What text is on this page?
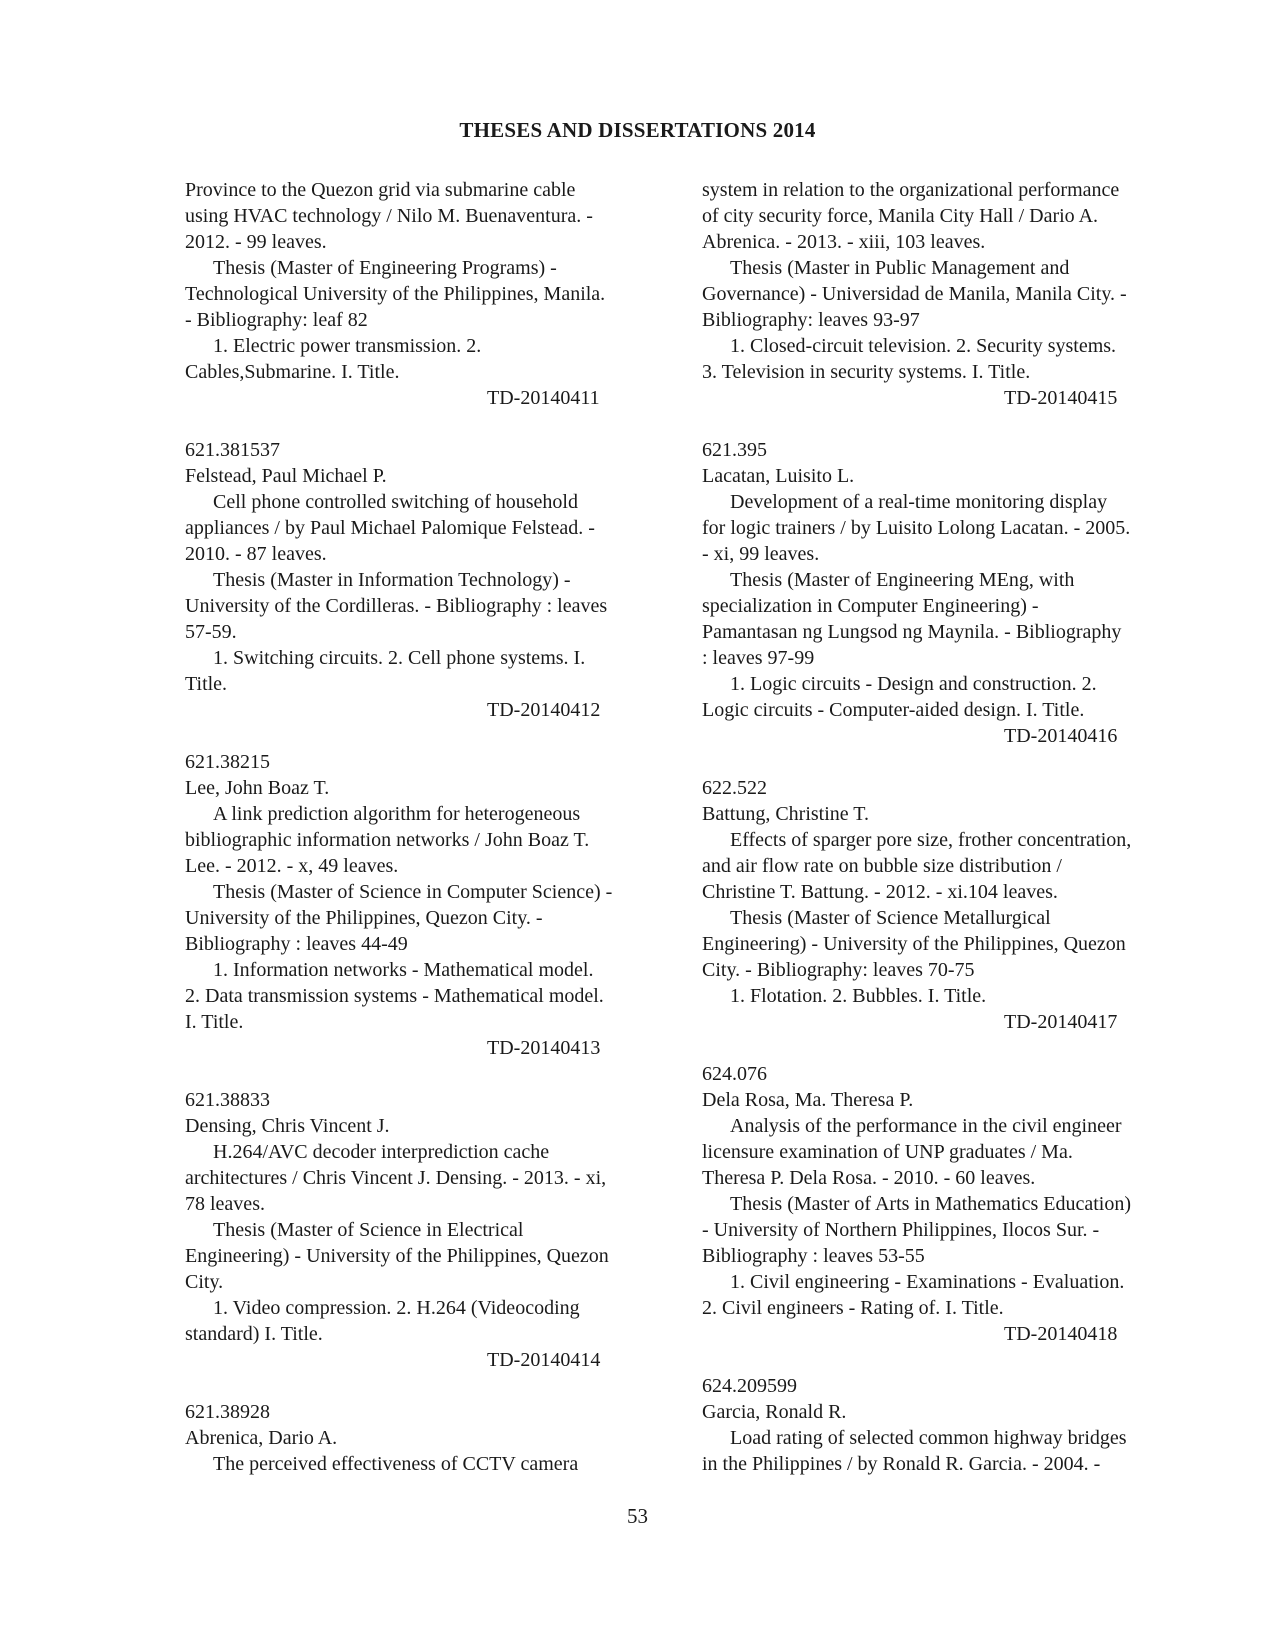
THESES AND DISSERTATIONS 2014
Province to the Quezon grid via submarine cable
using HVAC technology / Nilo M. Buenaventura. -
2012. - 99 leaves.
Thesis (Master of Engineering Programs) -
Technological University of the Philippines, Manila.
- Bibliography: leaf 82
1. Electric power transmission. 2.
Cables,Submarine. I. Title.
TD-20140411
621.381537
Felstead, Paul Michael P.
Cell phone controlled switching of household
appliances / by Paul Michael Palomique Felstead. -
2010. - 87 leaves.
Thesis (Master in Information Technology) -
University of the Cordilleras. - Bibliography : leaves
57-59.
1. Switching circuits. 2. Cell phone systems. I.
Title.
TD-20140412
621.38215
Lee, John Boaz T.
A link prediction algorithm for heterogeneous
bibliographic information networks / John Boaz T.
Lee. - 2012. - x, 49 leaves.
Thesis (Master of Science in Computer Science) -
University of the Philippines, Quezon City. -
Bibliography : leaves 44-49
1. Information networks - Mathematical model.
2. Data transmission systems - Mathematical model.
I. Title.
TD-20140413
621.38833
Densing, Chris Vincent J.
H.264/AVC decoder interprediction cache
architectures / Chris Vincent J. Densing. - 2013. - xi,
78 leaves.
Thesis (Master of Science in Electrical
Engineering) - University of the Philippines, Quezon
City.
1. Video compression. 2. H.264 (Videocoding
standard) I. Title.
TD-20140414
621.38928
Abrenica, Dario A.
The perceived effectiveness of CCTV camera
system in relation to the organizational performance
of city security force, Manila City Hall / Dario A.
Abrenica. - 2013. - xiii, 103 leaves.
Thesis (Master in Public Management and
Governance) - Universidad de Manila, Manila City. -
Bibliography: leaves 93-97
1. Closed-circuit television. 2. Security systems.
3. Television in security systems. I. Title.
TD-20140415
621.395
Lacatan, Luisito L.
Development of a real-time monitoring display
for logic trainers / by Luisito Lolong Lacatan. - 2005.
- xi, 99 leaves.
Thesis (Master of Engineering MEng, with
specialization in Computer Engineering) -
Pamantasan ng Lungsod ng Maynila. - Bibliography
: leaves 97-99
1. Logic circuits - Design and construction. 2.
Logic circuits - Computer-aided design. I. Title.
TD-20140416
622.522
Battung, Christine T.
Effects of sparger pore size, frother concentration,
and air flow rate on bubble size distribution /
Christine T. Battung. - 2012. - xi.104 leaves.
Thesis (Master of Science Metallurgical
Engineering) - University of the Philippines, Quezon
City. - Bibliography: leaves 70-75
1. Flotation. 2. Bubbles. I. Title.
TD-20140417
624.076
Dela Rosa, Ma. Theresa P.
Analysis of the performance in the civil engineer
licensure examination of UNP graduates / Ma.
Theresa P. Dela Rosa. - 2010. - 60 leaves.
Thesis (Master of Arts in Mathematics Education)
- University of Northern Philippines, Ilocos Sur. -
Bibliography : leaves 53-55
1. Civil engineering - Examinations - Evaluation.
2. Civil engineers - Rating of. I. Title.
TD-20140418
624.209599
Garcia, Ronald R.
Load rating of selected common highway bridges
in the Philippines / by Ronald R. Garcia. - 2004. -
53
